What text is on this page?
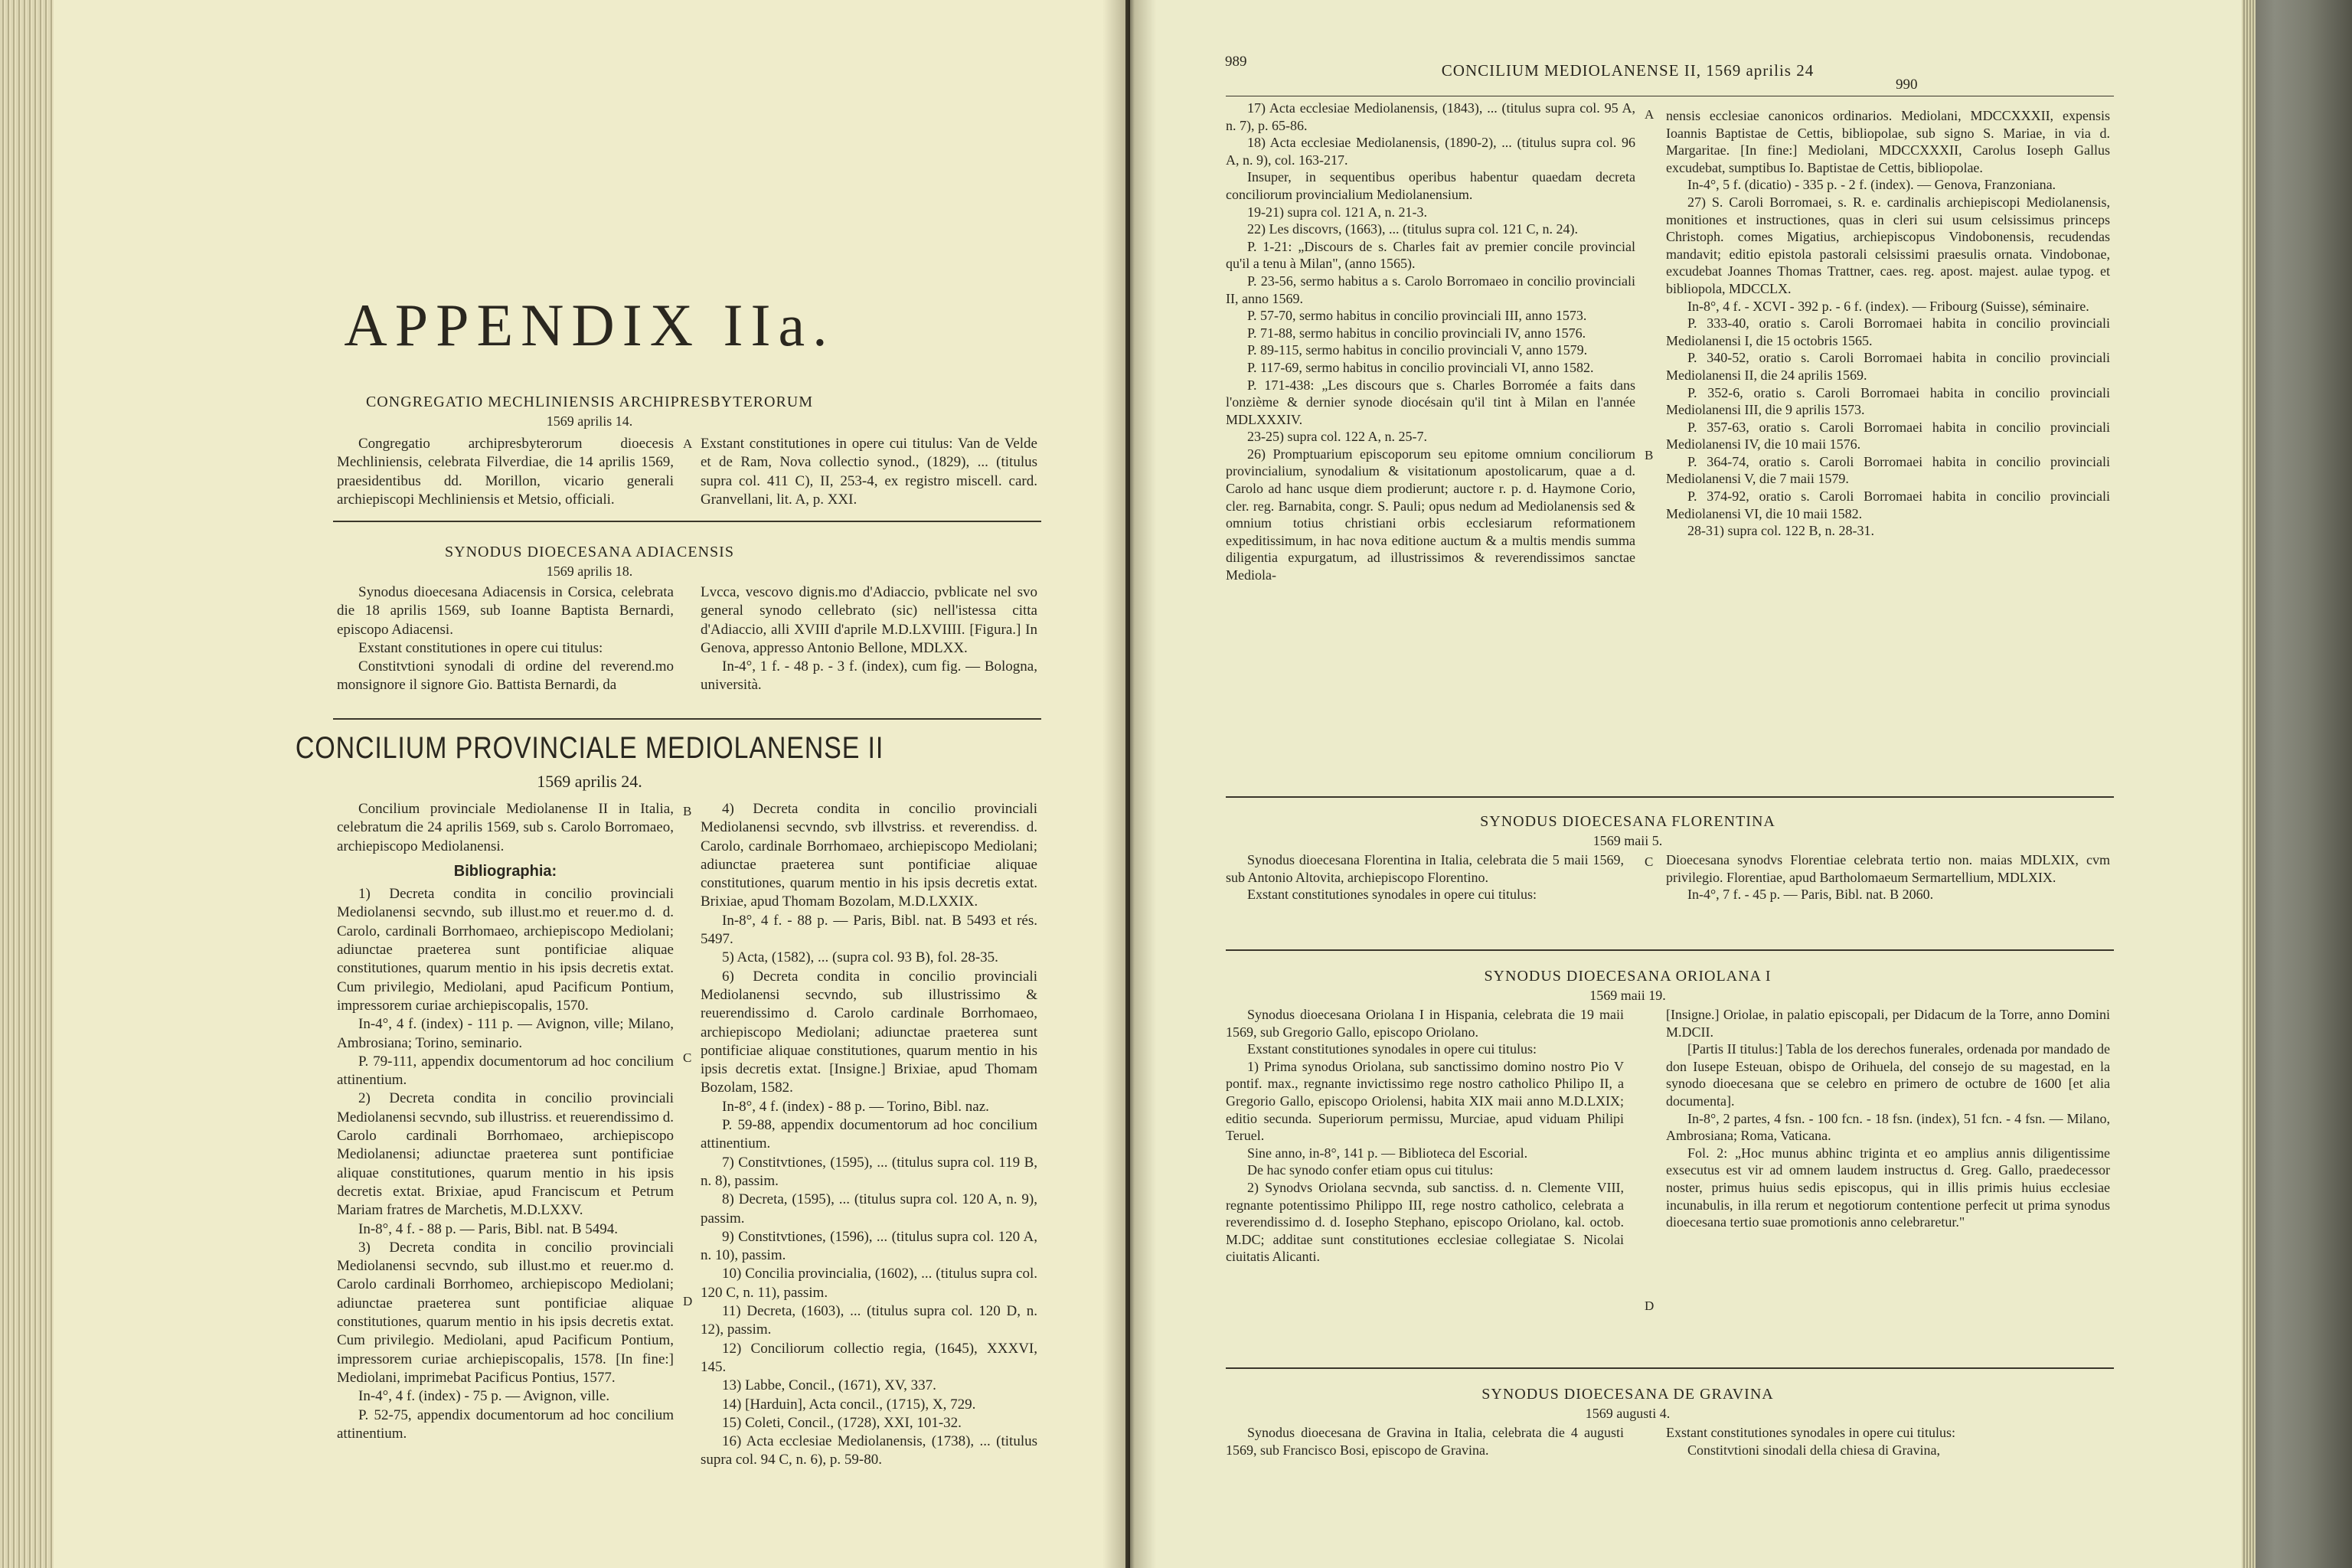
APPENDIX IIa.
CONGREGATIO MECHLINIENSIS ARCHIPRESBYTERORUM
1569 aprilis 14.

Congregatio archipresbyterorum dioecesis Mechliniensis, celebrata Filverdiae, die 14 aprilis 1569, praesidentibus dd. Morillon, vicario generali archiepiscopi Mechliniensis et Metsio, officiali.

Exstant constitutiones in opere cui titulus: Van de Velde et de Ram, Nova collectio synod., (1829), ... (titulus supra col. 411 C), II, 253-4, ex registro miscell. card. Granvellani, lit. A, p. XXI.

SYNODUS DIOECESANA ADIACENSIS
1569 aprilis 18.

Synodus dioecesana Adiacensis in Corsica, celebrata die 18 aprilis 1569, sub Ioanne Baptista Bernardi, episcopo Adiacensi.

Exstant constitutiones in opere cui titulus:

Constitvtioni synodali di ordine del reverend.mo monsignore il signore Gio. Battista Bernardi, da

Lvcca, vescovo dignis.mo d'Adiaccio, pvblicate nel svo general synodo cellebrato (sic) nell'istessa citta d'Adiaccio, alli XVIII d'aprile M.D.LXVIIII. [Figura.] In Genova, appresso Antonio Bellone, MDLXX.

In-4°, 1 f. - 48 p. - 3 f. (index), cum fig. — Bologna, università.

CONCILIUM PROVINCIALE MEDIOLANENSE II
1569 aprilis 24.

Concilium provinciale Mediolanense II in Italia, celebratum die 24 aprilis 1569, sub s. Carolo Borromaeo, archiepiscopo Mediolanensi.

Bibliographia:

1) Decreta condita in concilio provinciali Mediolanensi secvndo, sub illust.mo et reuer.mo d. d. Carolo, cardinali Borrhomaeo, archiepiscopo Mediolani; adiunctae praeterea sunt pontificiae aliquae constitutiones, quarum mentio in his ipsis decretis extat. Cum privilegio, Mediolani, apud Pacificum Pontium, impressorem curiae archiepiscopalis, 1570.

In-4°, 4 f. (index) - 111 p. — Avignon, ville; Milano, Ambrosiana; Torino, seminario.

P. 79-111, appendix documentorum ad hoc concilium attinentium.

2) Decreta condita in concilio provinciali Mediolanensi secvndo, sub illustriss. et reuerendissimo d. Carolo cardinali Borrhomaeo, archiepiscopo Mediolanensi; adiunctae praeterea sunt pontificiae aliquae constitutiones, quarum mentio in his ipsis decretis extat. Brixiae, apud Franciscum et Petrum Mariam fratres de Marchetis, M.D.LXXV.

In-8°, 4 f. - 88 p. — Paris, Bibl. nat. B 5494.

3) Decreta condita in concilio provinciali Mediolanensi secvndo, sub illust.mo et reuer.mo d. Carolo cardinali Borrhomeo, archiepiscopo Mediolani; adiunctae praeterea sunt pontificiae aliquae constitutiones, quarum mentio in his ipsis decretis extat. Cum privilegio. Mediolani, apud Pacificum Pontium, impressorem curiae archiepiscopalis, 1578. [In fine:] Mediolani, imprimebat Pacificus Pontius, 1577.

In-4°, 4 f. (index) - 75 p. — Avignon, ville.

P. 52-75, appendix documentorum ad hoc concilium attinentium.

4) Decreta condita in concilio provinciali Mediolanensi secvndo, svb illvstriss. et reverendiss. d. Carolo, cardinale Borrhomaeo, archiepiscopo Mediolani; adiunctae praeterea sunt pontificiae aliquae constitutiones, quarum mentio in his ipsis decretis extat. Brixiae, apud Thomam Bozolam, M.D.LXXIX.

In-8°, 4 f. - 88 p. — Paris, Bibl. nat. B 5493 et rés. 5497.

5) Acta, (1582), ... (supra col. 93 B), fol. 28-35.

6) Decreta condita in concilio provinciali Mediolanensi secvndo, sub illustrissimo & reuerendissimo d. Carolo cardinale Borrhomaeo, archiepiscopo Mediolani; adiunctae praeterea sunt pontificiae aliquae constitutiones, quarum mentio in his ipsis decretis extat. [Insigne.] Brixiae, apud Thomam Bozolam, 1582.

In-8°, 4 f. (index) - 88 p. — Torino, Bibl. naz.

P. 59-88, appendix documentorum ad hoc concilium attinentium.

7) Constitvtiones, (1595), ... (titulus supra col. 119 B, n. 8), passim.

8) Decreta, (1595), ... (titulus supra col. 120 A, n. 9), passim.

9) Constitvtiones, (1596), ... (titulus supra col. 120 A, n. 10), passim.

10) Concilia provincialia, (1602), ... (titulus supra col. 120 C, n. 11), passim.

11) Decreta, (1603), ... (titulus supra col. 120 D, n. 12), passim.

12) Conciliorum collectio regia, (1645), XXXVI, 145.

13) Labbe, Concil., (1671), XV, 337.

14) [Harduin], Acta concil., (1715), X, 729.

15) Coleti, Concil., (1728), XXI, 101-32.

16) Acta ecclesiae Mediolanensis, (1738), ... (titulus supra col. 94 C, n. 6), p. 59-80.

A
B
C
D
989	CONCILIUM MEDIOLANENSE II, 1569 aprilis 24
990

17) Acta ecclesiae Mediolanensis, (1843), ... (titulus supra col. 95 A, n. 7), p. 65-86.

18) Acta ecclesiae Mediolanensis, (1890-2), ... (titulus supra col. 96 A, n. 9), col. 163-217.

Insuper, in sequentibus operibus habentur quaedam decreta conciliorum provincialium Mediolanensium.

19-21) supra col. 121 A, n. 21-3.

22) Les discovrs, (1663), ... (titulus supra col. 121 C, n. 24).

P. 1-21: „Discours de s. Charles fait av premier concile provincial qu'il a tenu à Milan", (anno 1565).

P. 23-56, sermo habitus a s. Carolo Borromaeo in concilio provinciali II, anno 1569.

P. 57-70, sermo habitus in concilio provinciali III, anno 1573.

P. 71-88, sermo habitus in concilio provinciali IV, anno 1576.

P. 89-115, sermo habitus in concilio provinciali V, anno 1579.

P. 117-69, sermo habitus in concilio provinciali VI, anno 1582.

P. 171-438: „Les discours que s. Charles Borromée a faits dans l'onzième & dernier synode diocésain qu'il tint à Milan en l'année MDLXXXIV.

23-25) supra col. 122 A, n. 25-7.

26) Promptuarium episcoporum seu epitome omnium conciliorum provincialium, synodalium & visitationum apostolicarum, quae a d. Carolo ad hanc usque diem prodierunt; auctore r. p. d. Haymone Corio, cler. reg. Barnabita, congr. S. Pauli; opus nedum ad Mediolanensis sed & omnium totius christiani orbis ecclesiarum reformationem expeditissimum, in hac nova editione auctum & a multis mendis summa diligentia expurgatum, ad illustrissimos & reverendissimos sanctae Mediola-

nensis ecclesiae canonicos ordinarios. Mediolani, MDCCXXXII, expensis Ioannis Baptistae de Cettis, bibliopolae, sub signo S. Mariae, in via d. Margaritae. [In fine:] Mediolani, MDCCXXXII, Carolus Ioseph Gallus excudebat, sumptibus Io. Baptistae de Cettis, bibliopolae.

In-4°, 5 f. (dicatio) - 335 p. - 2 f. (index). — Genova, Franzoniana.

27) S. Caroli Borromaei, s. R. e. cardinalis archiepiscopi Mediolanensis, monitiones et instructiones, quas in cleri sui usum celsissimus princeps Christoph. comes Migatius, archiepiscopus Vindobonensis, recudendas mandavit; editio epistola pastorali celsissimi praesulis ornata. Vindobonae, excudebat Joannes Thomas Trattner, caes. reg. apost. majest. aulae typog. et bibliopola, MDCCLX.

In-8°, 4 f. - XCVI - 392 p. - 6 f. (index). — Fribourg (Suisse), séminaire.

P. 333-40, oratio s. Caroli Borromaei habita in concilio provinciali Mediolanensi I, die 15 octobris 1565.

P. 340-52, oratio s. Caroli Borromaei habita in concilio provinciali Mediolanensi II, die 24 aprilis 1569.

P. 352-6, oratio s. Caroli Borromaei habita in concilio provinciali Mediolanensi III, die 9 aprilis 1573.

P. 357-63, oratio s. Caroli Borromaei habita in concilio provinciali Mediolanensi IV, die 10 maii 1576.

P. 364-74, oratio s. Caroli Borromaei habita in concilio provinciali Mediolanensi V, die 7 maii 1579.

P. 374-92, oratio s. Caroli Borromaei habita in concilio provinciali Mediolanensi VI, die 10 maii 1582.

28-31) supra col. 122 B, n. 28-31.

SYNODUS DIOECESANA FLORENTINA
1569 maii 5.

Synodus dioecesana Florentina in Italia, celebrata die 5 maii 1569, sub Antonio Altovita, archiepiscopo Florentino.

Exstant constitutiones synodales in opere cui titulus:

Dioecesana synodvs Florentiae celebrata tertio non. maias MDLXIX, cvm privilegio. Florentiae, apud Bartholomaeum Sermartellium, MDLXIX.

In-4°, 7 f. - 45 p. — Paris, Bibl. nat. B 2060.

SYNODUS DIOECESANA ORIOLANA I
1569 maii 19.

Synodus dioecesana Oriolana I in Hispania, celebrata die 19 maii 1569, sub Gregorio Gallo, episcopo Oriolano.

Exstant constitutiones synodales in opere cui titulus:

1) Prima synodus Oriolana, sub sanctissimo domino nostro Pio V pontif. max., regnante invictissimo rege nostro catholico Philipo II, a Gregorio Gallo, episcopo Oriolensi, habita XIX maii anno M.D.LXIX; editio secunda. Superiorum permissu, Murciae, apud viduam Philipi Teruel.

Sine anno, in-8°, 141 p. — Biblioteca del Escorial.

De hac synodo confer etiam opus cui titulus:

2) Synodvs Oriolana secvnda, sub sanctiss. d. n. Clemente VIII, regnante potentissimo Philippo III, rege nostro catholico, celebrata a reverendissimo d. d. Iosepho Stephano, episcopo Oriolano, kal. octob. M.DC; additae sunt constitutiones ecclesiae collegiatae S. Nicolai ciuitatis Alicanti.

[Insigne.] Oriolae, in palatio episcopali, per Didacum de la Torre, anno Domini M.DCII.

[Partis II titulus:] Tabla de los derechos funerales, ordenada por mandado de don Iusepe Esteuan, obispo de Orihuela, del consejo de su magestad, en la synodo dioecesana que se celebro en primero de octubre de 1600 [et alia documenta].

In-8°, 2 partes, 4 fsn. - 100 fcn. - 18 fsn. (index), 51 fcn. - 4 fsn. — Milano, Ambrosiana; Roma, Vaticana.

Fol. 2: „Hoc munus abhinc triginta et eo amplius annis diligentissime exsecutus est vir ad omnem laudem instructus d. Greg. Gallo, praedecessor noster, primus huius sedis episcopus, qui in illis primis huius ecclesiae incunabulis, in illa rerum et negotiorum contentione perfecit ut prima synodus dioecesana tertio suae promotionis anno celebraretur."

SYNODUS DIOECESANA DE GRAVINA
1569 augusti 4.

Synodus dioecesana de Gravina in Italia, celebrata die 4 augusti 1569, sub Francisco Bosi, episcopo de Gravina.

Exstant constitutiones synodales in opere cui titulus:

Constitvtioni sinodali della chiesa di Gravina,

A
B
C
D
